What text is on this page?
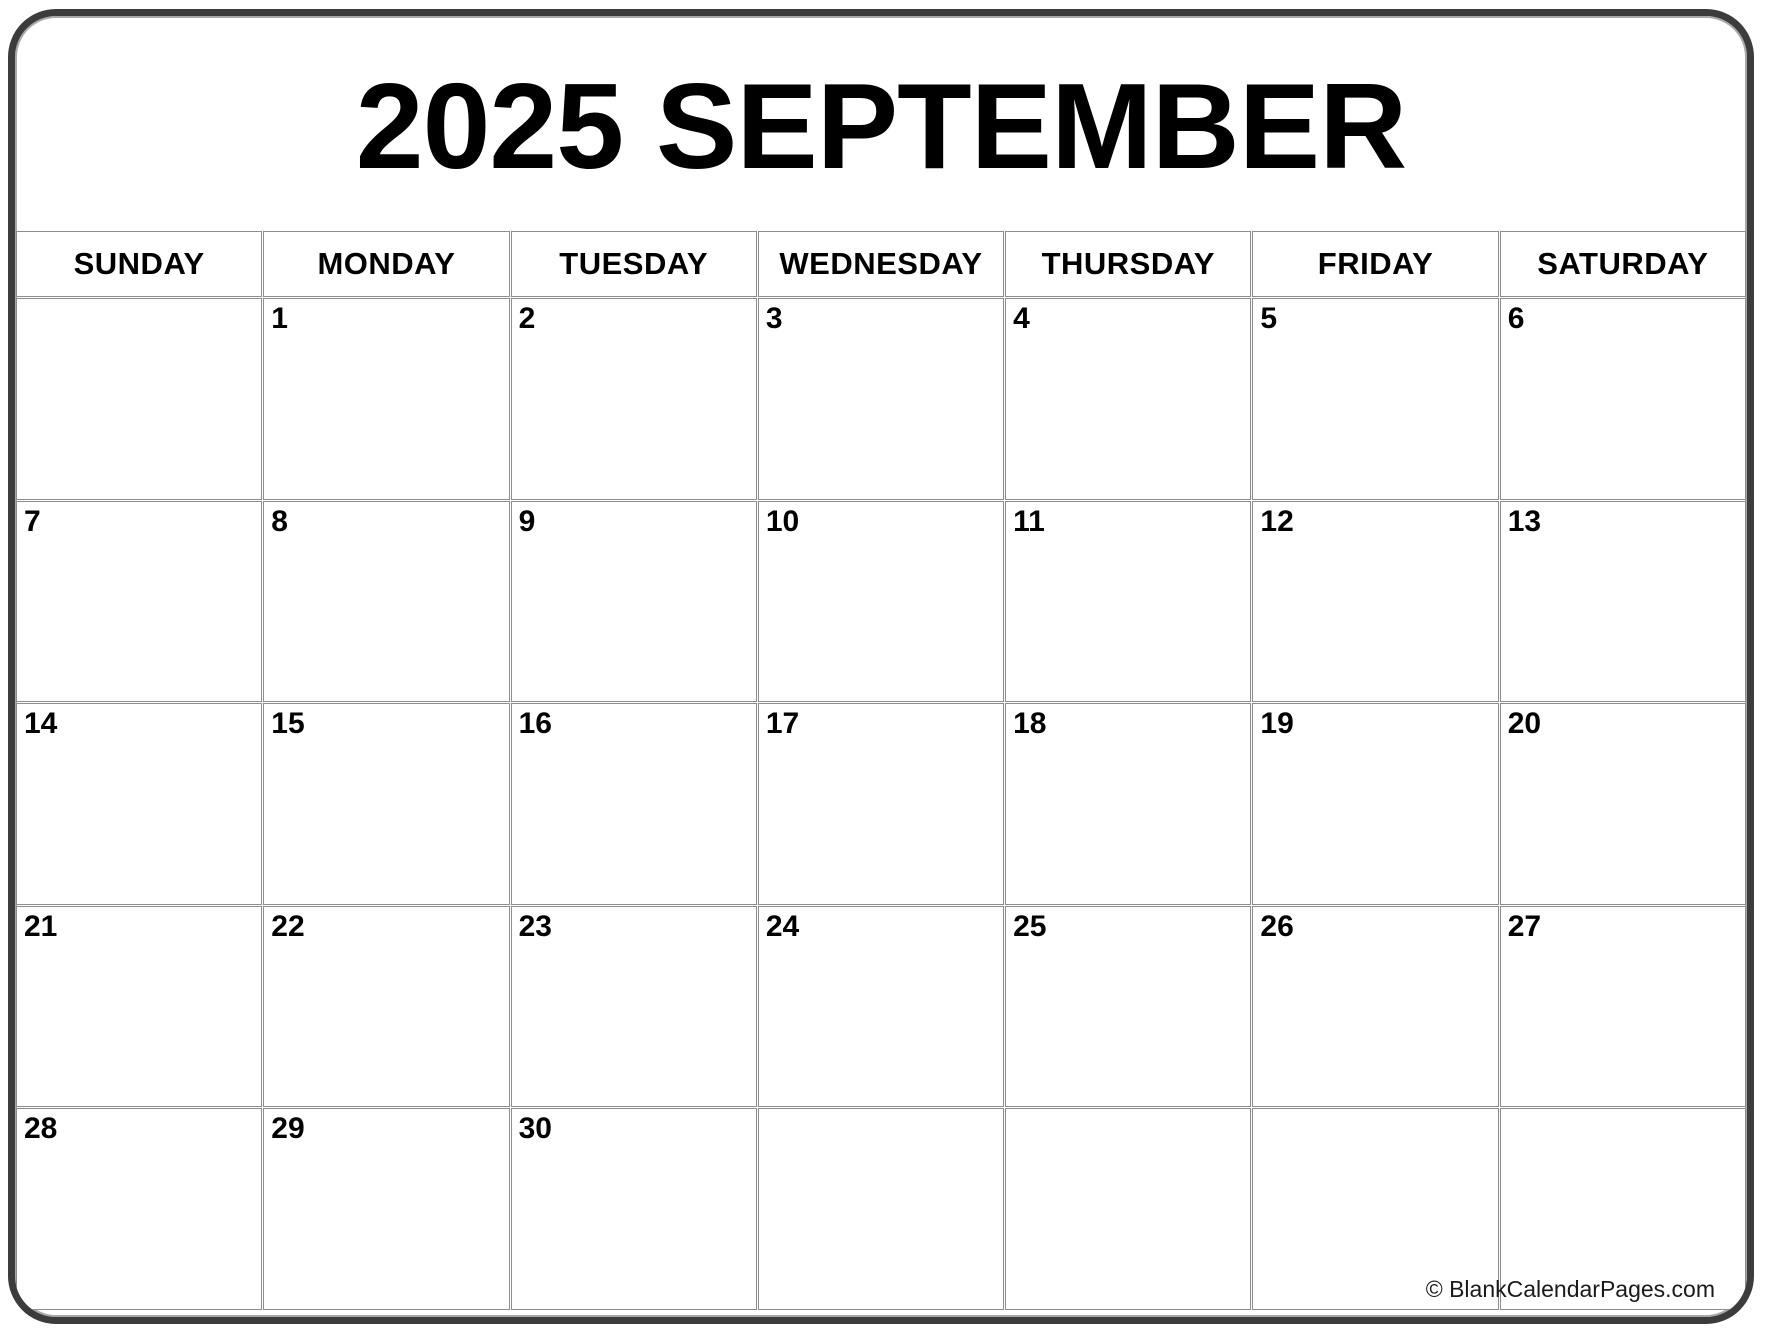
2025 SEPTEMBER
SUNDAY	MONDAY	TUESDAY	WEDNESDAY	THURSDAY	FRIDAY	SATURDAY
	1	2	3	4	5	6
7	8	9	10	11	12	13
14	15	16	17	18	19	20
21	22	23	24	25	26	27
28	29	30				
© BlankCalendarPages.com
